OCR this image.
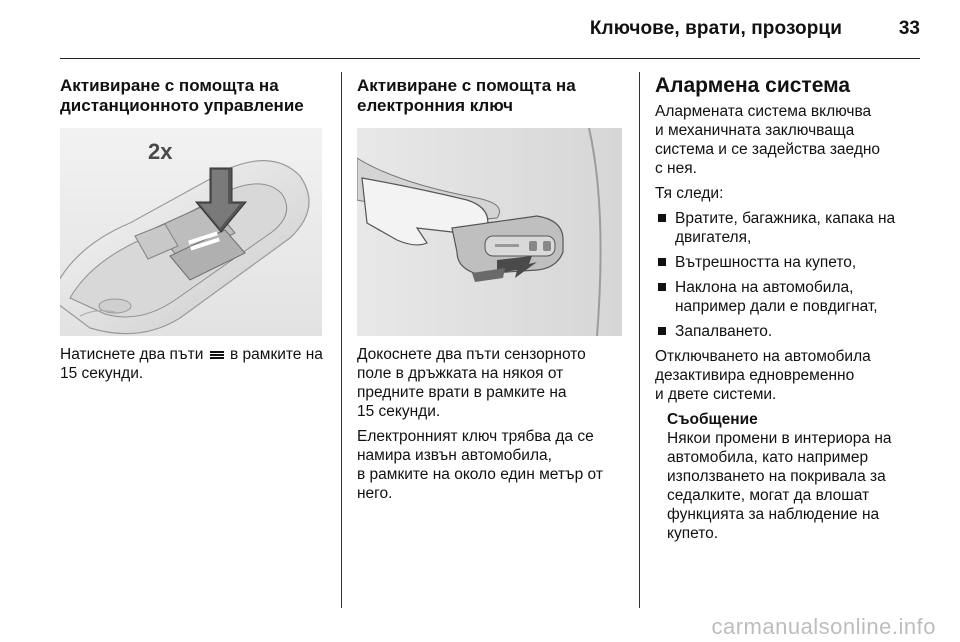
Ключове, врати, прозорци	33
Активиране с помощта на
дистанционното управление
2x

Натиснете два пъти в рамките на
15 секунди.

Активиране с помощта на
електронния ключ

Докоснете два пъти сензорното
поле в дръжката на някоя от
предните врати в рамките на
15 секунди.

Електронният ключ трябва да се
намира извън автомобила,
в рамките на около един метър от
него.

Алармена система

Алармената система включва
и механичната заключваща
система и се задейства заедно
с нея.

Тя следи:

Вратите, багажника, капака на
двигателя,
Вътрешността на купето,
Наклона на автомобила,
например дали е повдигнат,
Запалването.

Отключването на автомобила
дезактивира едновременно
и двете системи.

Съобщение

Някои промени в интериора на
автомобила, като например
използването на покривала за
седалките, могат да влошат
функцията за наблюдение на
купето.

carmanualsonline.info
